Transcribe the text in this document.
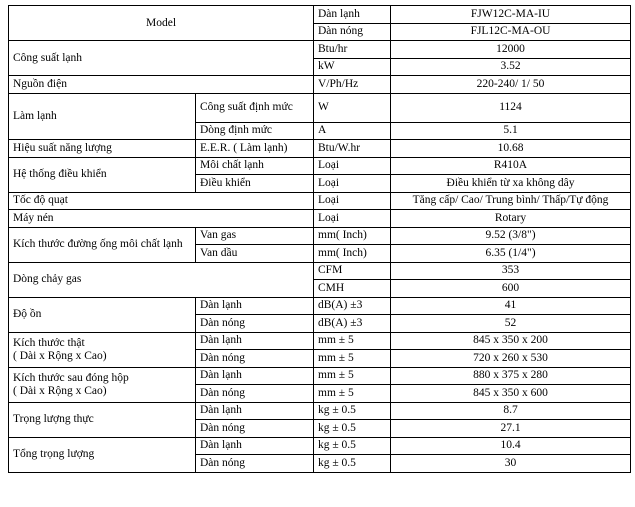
Model		Dàn lạnh	FJW12C-MA-IU
		Dàn nóng	FJL12C-MA-OU
Công suất lạnh		Btu/hr	12000
		kW	3.52
Nguồn điện		V/Ph/Hz	220-240/ 1/ 50
Làm lạnh	Công suất định mức	W	1124
	Dòng định mức	A	5.1
Hiệu suất năng lượng	E.E.R. ( Làm lạnh)	Btu/W.hr	10.68
Hệ thống điều khiển	Môi chất lạnh	Loại	R410A
	Điều khiển	Loại	Điều khiển từ xa không dây
Tốc độ quạt		Loại	Tăng cấp/ Cao/ Trung bình/ Thấp/Tự động
Máy nén		Loại	Rotary
Kích thước đường ống môi chất lạnh	Van gas	mm( Inch)	9.52 (3/8")
	Van dầu	mm( Inch)	6.35 (1/4")
Dòng chảy gas		CFM	353
		CMH	600
Độ ồn	Dàn lạnh	dB(A) ±3	41
	Dàn nóng	dB(A) ±3	52
Kích thước thật
( Dài x Rộng x Cao)	Dàn lạnh	mm ± 5	845 x 350 x 200
	Dàn nóng	mm ± 5	720 x 260 x 530
Kích thước sau đóng hộp
( Dài x Rộng x Cao)	Dàn lạnh	mm ± 5	880 x 375 x 280
	Dàn nóng	mm ± 5	845 x 350 x 600
Trọng lượng thực	Dàn lạnh	kg ± 0.5	8.7
	Dàn nóng	kg ± 0.5	27.1
Tổng trọng lượng	Dàn lạnh	kg ± 0.5	10.4
	Dàn nóng	kg ± 0.5	30
